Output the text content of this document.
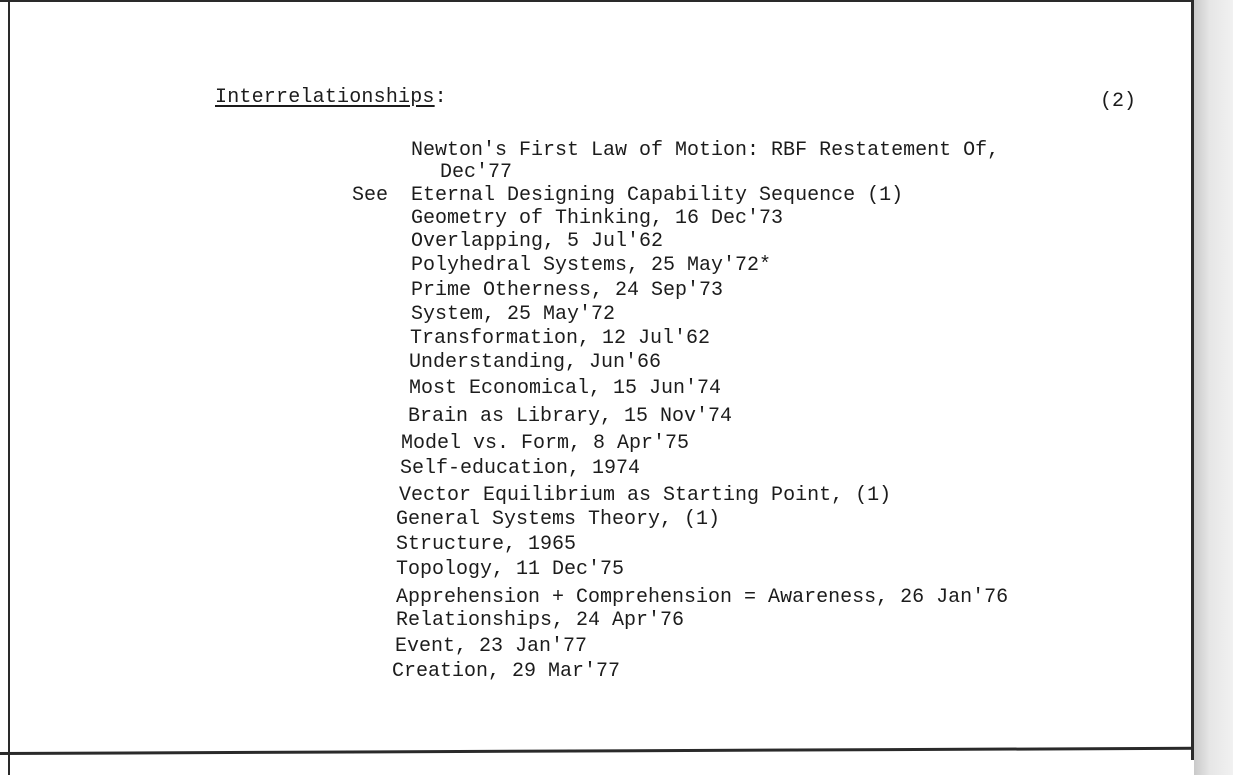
Interrelationships:	(2)
See
Newton's First Law of Motion: RBF Restatement Of,
Dec'77
Eternal Designing Capability Sequence (1)
Geometry of Thinking, 16 Dec'73
Overlapping, 5 Jul'62
Polyhedral Systems, 25 May'72*
Prime Otherness, 24 Sep'73
System, 25 May'72
Transformation, 12 Jul'62
Understanding, Jun'66
Most Economical, 15 Jun'74
Brain as Library, 15 Nov'74
Model vs. Form, 8 Apr'75
Self-education, 1974
Vector Equilibrium as Starting Point, (1)
General Systems Theory, (1)
Structure, 1965
Topology, 11 Dec'75
Apprehension + Comprehension = Awareness, 26 Jan'76
Relationships, 24 Apr'76
Event, 23 Jan'77
Creation, 29 Mar'77
